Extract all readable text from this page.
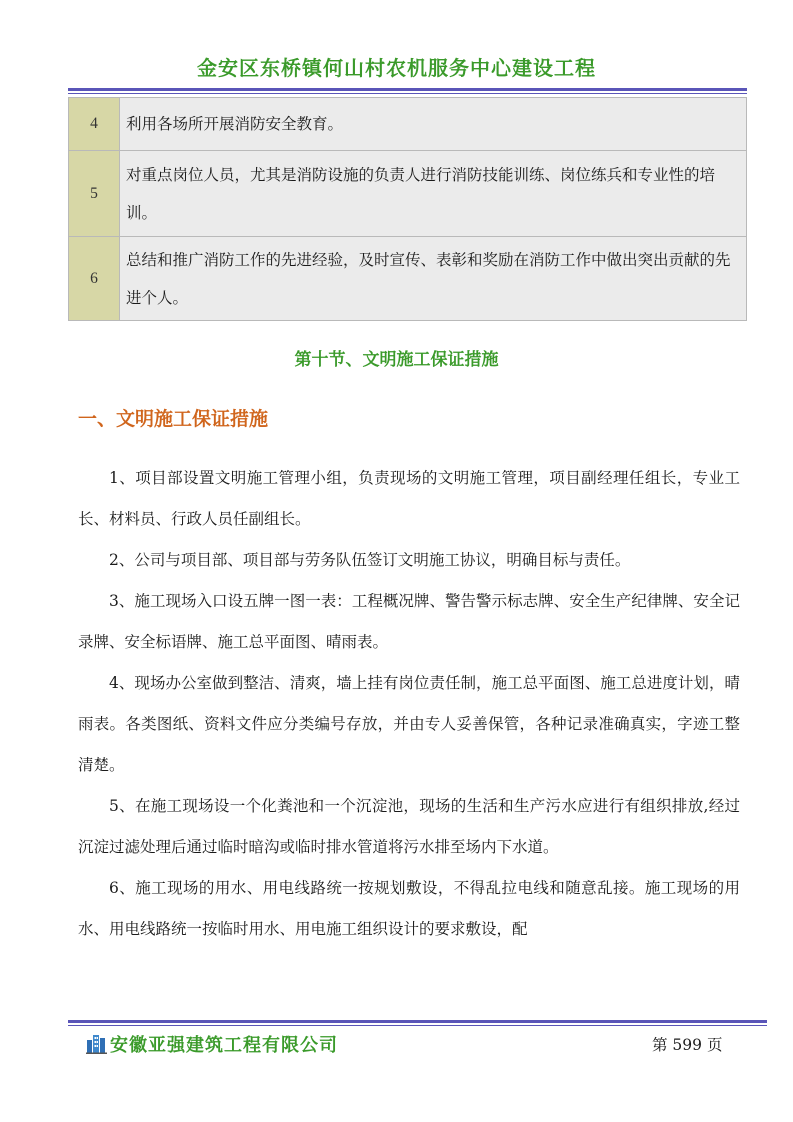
金安区东桥镇何山村农机服务中心建设工程
4	利用各场所开展消防安全教育。
5	对重点岗位人员，尤其是消防设施的负责人进行消防技能训练、岗位练兵和专业性的培训。
6	总结和推广消防工作的先进经验，及时宣传、表彰和奖励在消防工作中做出突出贡献的先进个人。
第十节、文明施工保证措施
一、文明施工保证措施

1、项目部设置文明施工管理小组，负责现场的文明施工管理，项目副经理任组长，专业工长、材料员、行政人员任副组长。

2、公司与项目部、项目部与劳务队伍签订文明施工协议，明确目标与责任。

3、施工现场入口设五牌一图一表：工程概况牌、警告警示标志牌、安全生产纪律牌、安全记录牌、安全标语牌、施工总平面图、晴雨表。

4、现场办公室做到整洁、清爽，墙上挂有岗位责任制，施工总平面图、施工总进度计划，晴雨表。各类图纸、资料文件应分类编号存放，并由专人妥善保管，各种记录准确真实，字迹工整清楚。

5、在施工现场设一个化粪池和一个沉淀池，现场的生活和生产污水应进行有组织排放,经过沉淀过滤处理后通过临时暗沟或临时排水管道将污水排至场内下水道。

6、施工现场的用水、用电线路统一按规划敷设，不得乱拉电线和随意乱接。施工现场的用水、用电线路统一按临时用水、用电施工组织设计的要求敷设，配

安徽亚强建筑工程有限公司	第 599 页
